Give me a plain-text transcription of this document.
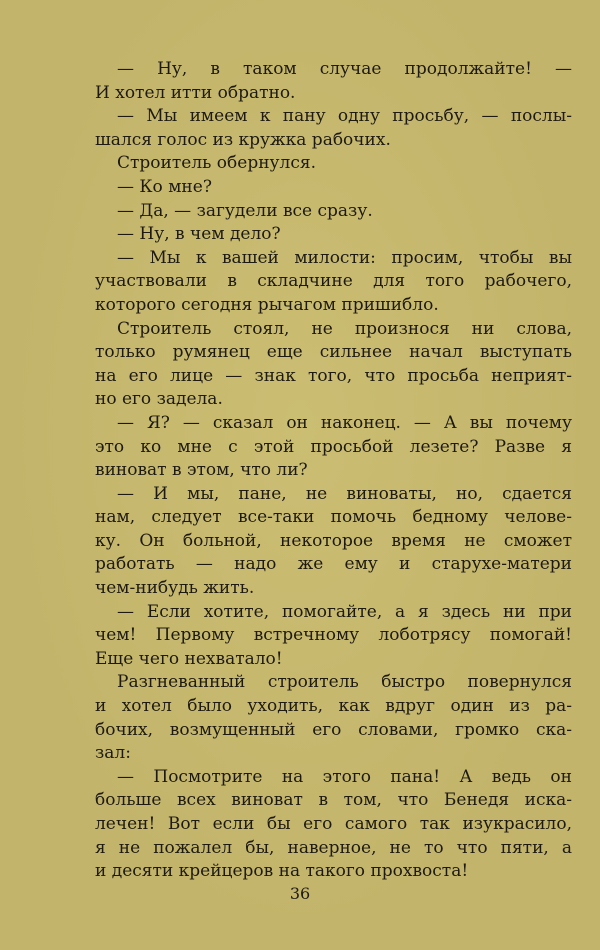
— Ну, в таком случае продолжайте! —
И хотел итти обратно.
— Мы имеем к пану одну просьбу, — послы-
шался голос из кружка рабочих.
Строитель обернулся.
— Ко мне?
— Да, — загудели все сразу.
— Ну, в чем дело?
— Мы к вашей милости: просим, чтобы вы
участвовали в складчине для того рабочего,
которого сегодня рычагом пришибло.
Строитель стоял, не произнося ни слова,
только румянец еще сильнее начал выступать
на его лице — знак того, что просьба неприят-
но его задела.
— Я? — сказал он наконец. — А вы почему
это ко мне с этой просьбой лезете? Разве я
виноват в этом, что ли?
— И мы, пане, не виноваты, но, сдается
нам, следует все-таки помочь бедному челове-
ку. Он больной, некоторое время не сможет
работать — надо же ему и старухе-матери
чем-нибудь жить.
— Если хотите, помогайте, а я здесь ни при
чем! Первому встречному лоботрясу помогай!
Еще чего нехватало!
Разгневанный строитель быстро повернулся
и хотел было уходить, как вдруг один из ра-
бочих, возмущенный его словами, громко ска-
зал:
— Посмотрите на этого пана! А ведь он
больше всех виноват в том, что Бенедя иска-
лечен! Вот если бы его самого так изукрасило,
я не пожалел бы, наверное, не то что пяти, а
и десяти крейцеров на такого прохвоста!
36
